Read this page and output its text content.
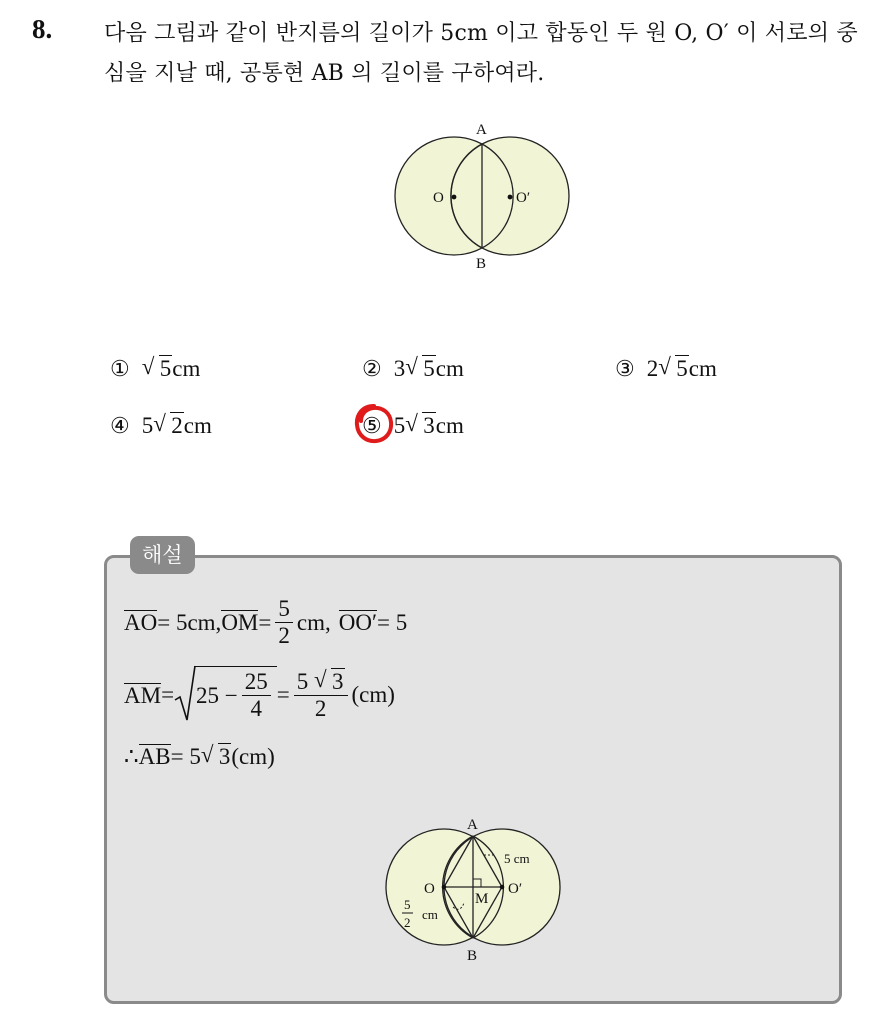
8. 다음 그림과 같이 반지름의 길이가 5cm 이고 합동인 두 원 O, O′ 이 서로의 중심을 지날 때, 공통현 AB 의 길이를 구하여라.
A
B
O	O′
① √ 5 cm	② 3 √ 5 cm	③ 2 √ 5 cm
④ 5 √ 2 cm	⑤ 5 √ 3 cm
해설
AO = 5cm, OM = $\frac{5}{2}$ cm, OO′ = 5
AM = $25 - \frac{25}{4} = \frac{5 √ 3}{2} (cm)$
∴ AB = 5 √ 3 (cm)
A
B
O	O′
M
5 cm
5
2
cm
